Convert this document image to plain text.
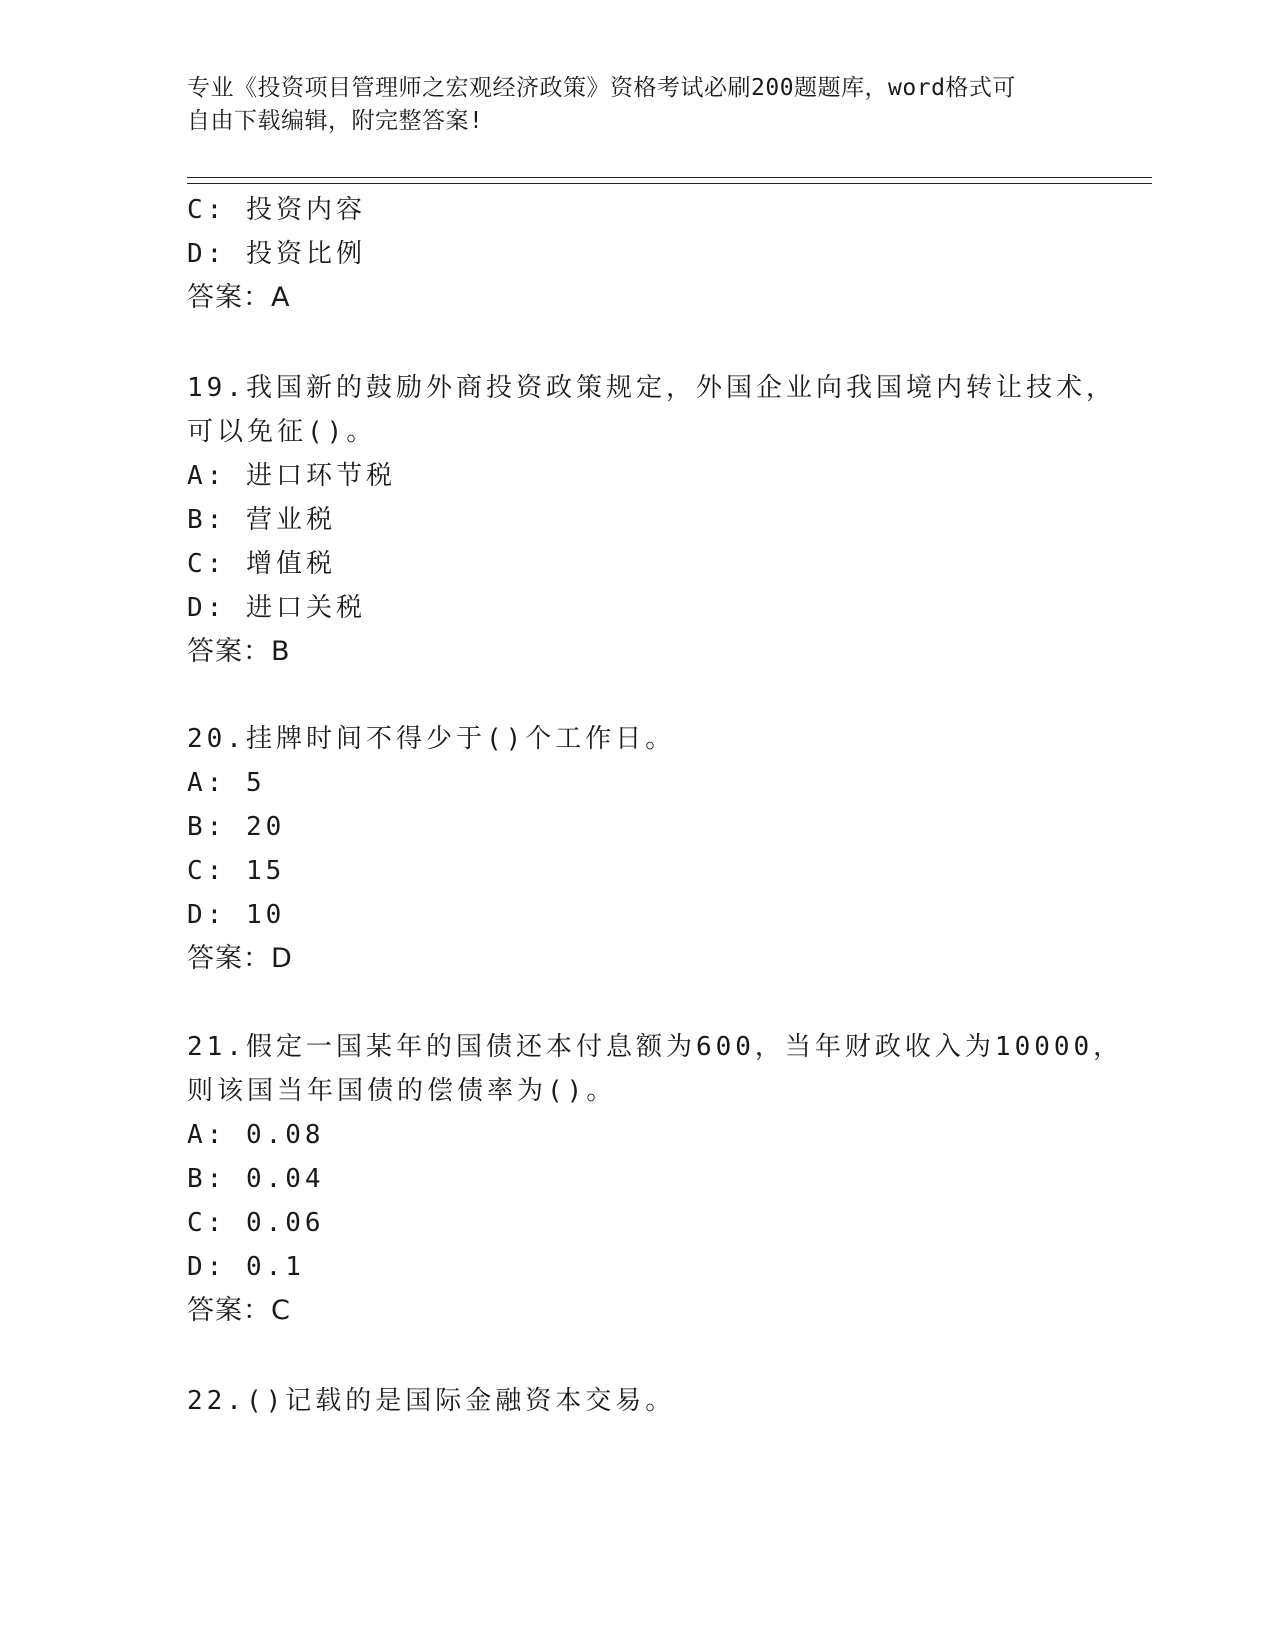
专业《投资项目管理师之宏观经济政策》资格考试必刷200题题库，word格式可
自由下载编辑，附完整答案!
C: 投资内容
D: 投资比例
答案：A
19.我国新的鼓励外商投资政策规定，外国企业向我国境内转让技术，
可以免征()。
A: 进口环节税
B: 营业税
C: 增值税
D: 进口关税
答案：B
20.挂牌时间不得少于()个工作日。
A: 5
B: 20
C: 15
D: 10
答案：D
21.假定一国某年的国债还本付息额为600，当年财政收入为10000，
则该国当年国债的偿债率为()。
A: 0.08
B: 0.04
C: 0.06
D: 0.1
答案：C
22.()记载的是国际金融资本交易。
